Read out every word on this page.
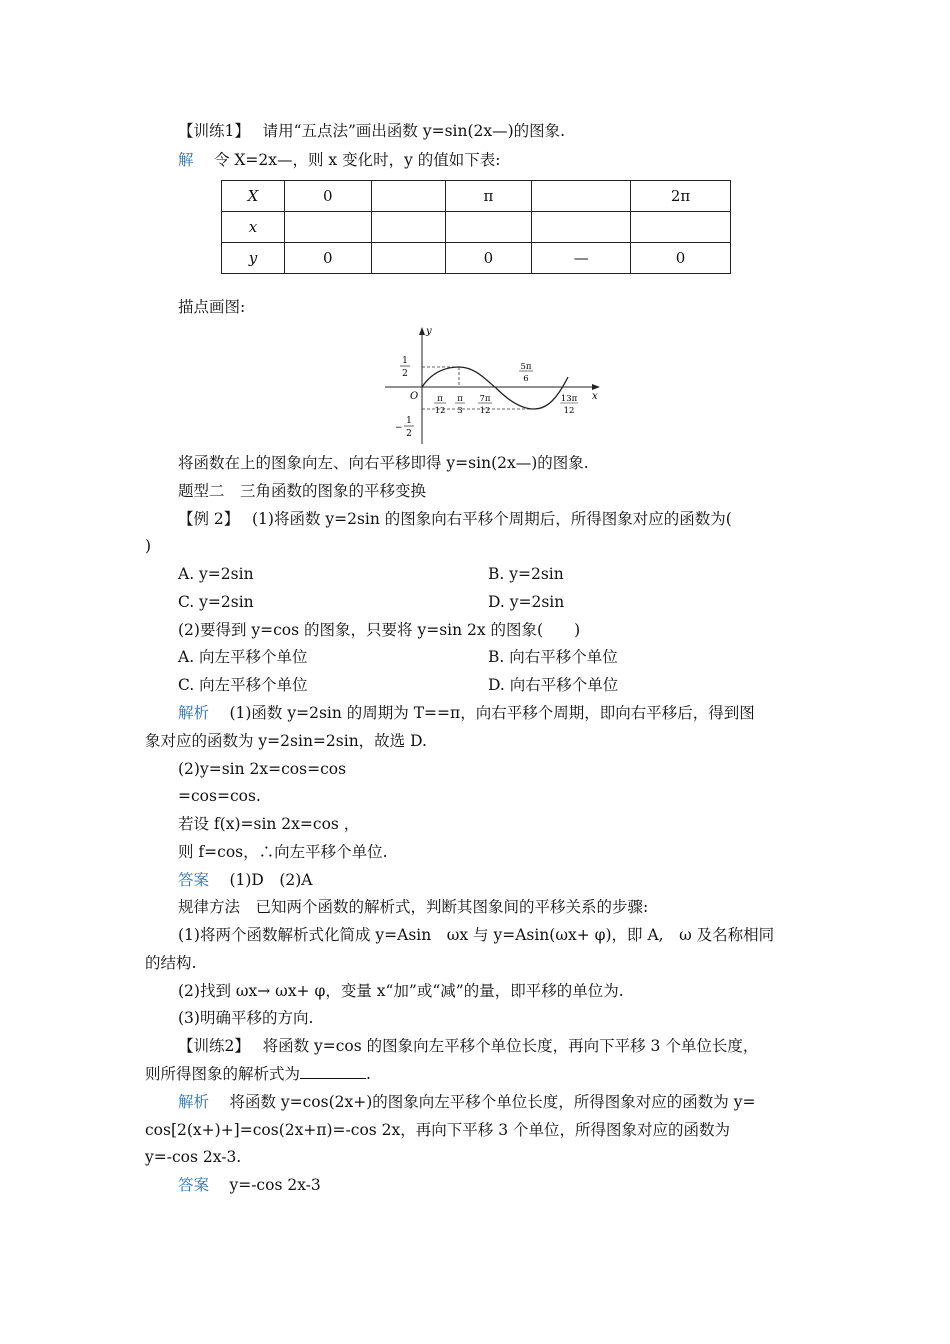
【训练1】　 请用“五点法”画出函数 y=sin(2x—)的图象.
解　 令 X=2x—，则 x 变化时，y 的值如下表:
X	0		π		2π
x					
y	0		0	—	0
描点画图:
y
x
O
1
2
−
1
2
π
12
π
3
7π
12
5π
6
13π
12
将函数在上的图象向左、向右平移即得 y=sin(2x—)的图象.
题型二　三角函数的图象的平移变换
【例 2】　 (1)将函数 y=2sin 的图象向右平移个周期后，所得图象对应的函数为(
)
A. y=2sin	B. y=2sin
C. y=2sin	D. y=2sin
(2)要得到 y=cos 的图象，只要将 y=sin 2x 的图象(　　)
A. 向左平移个单位	B. 向右平移个单位
C. 向左平移个单位	D. 向右平移个单位
解析　 (1)函数 y=2sin 的周期为 T==π，向右平移个周期，即向右平移后，得到图
象对应的函数为 y=2sin=2sin，故选 D.
(2)y=sin 2x=cos=cos
=cos=cos.
若设 f(x)=sin 2x=cos ，
则 f=cos，∴向左平移个单位.
答案　 (1)D　(2)A
规律方法　已知两个函数的解析式，判断其图象间的平移关系的步骤:
(1)将两个函数解析式化简成 y=Asin　ωx 与 y=Asin(ωx+ φ)，即 A,　ω 及名称相同
的结构.
(2)找到 ωx→ ωx+ φ，变量 x“加”或“减”的量，即平移的单位为.
(3)明确平移的方向.
【训练2】　 将函数 y=cos 的图象向左平移个单位长度，再向下平移 3 个单位长度，
则所得图象的解析式为	.
解析　 将函数 y=cos(2x+)的图象向左平移个单位长度，所得图象对应的函数为 y=
cos[2(x+)+]=cos(2x+π)=-cos 2x，再向下平移 3 个单位，所得图象对应的函数为
y=-cos 2x-3.
答案　 y=-cos 2x-3
